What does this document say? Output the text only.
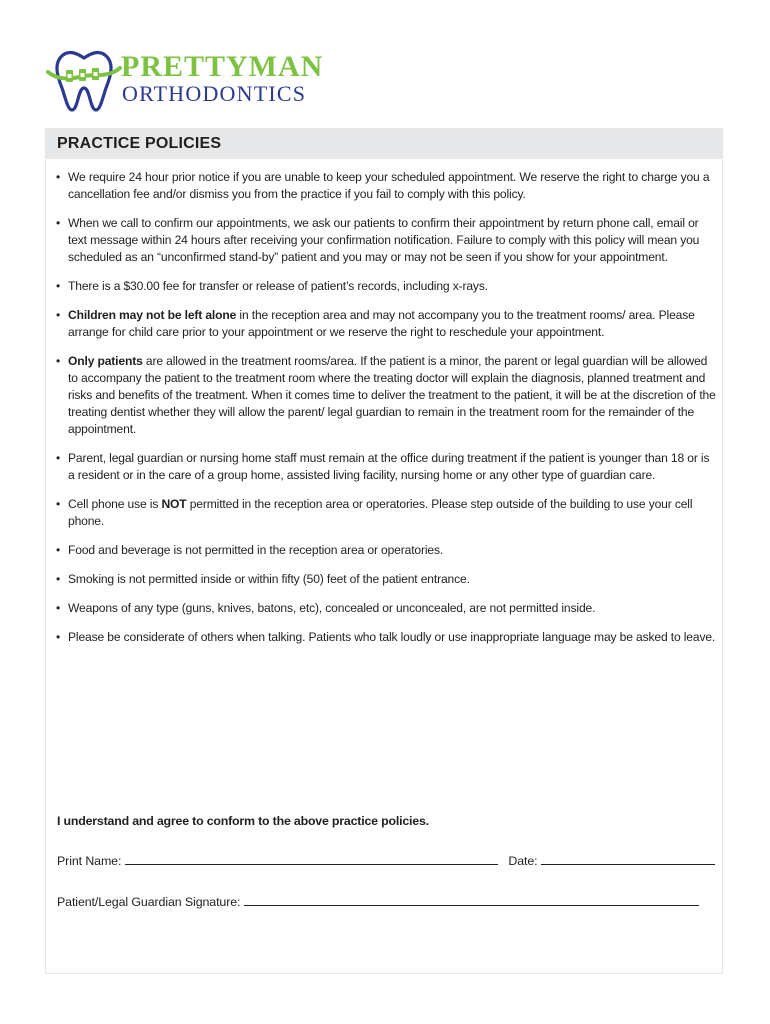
PRETTYMAN
ORTHODONTICS
PRACTICE POLICIES
• We require 24 hour prior notice if you are unable to keep your scheduled appointment. We reserve the right to charge you a cancellation fee and/or dismiss you from the practice if you fail to comply with this policy.
• When we call to confirm our appointments, we ask our patients to confirm their appointment by return phone call, email or text message within 24 hours after receiving your confirmation notification. Failure to comply with this policy will mean you scheduled as an “unconfirmed stand-by” patient and you may or may not be seen if you show for your appointment.
• There is a $30.00 fee for transfer or release of patient’s records, including x-rays.
• Children may not be left alone in the reception area and may not accompany you to the treatment rooms/ area. Please arrange for child care prior to your appointment or we reserve the right to reschedule your appointment.
• Only patients are allowed in the treatment rooms/area. If the patient is a minor, the parent or legal guardian will be allowed to accompany the patient to the treatment room where the treating doctor will explain the diagnosis, planned treatment and risks and benefits of the treatment. When it comes time to deliver the treatment to the patient, it will be at the discretion of the treating dentist whether they will allow the parent/ legal guardian to remain in the treatment room for the remainder of the appointment.
• Parent, legal guardian or nursing home staff must remain at the office during treatment if the patient is younger than 18 or is a resident or in the care of a group home, assisted living facility, nursing home or any other type of guardian care.
• Cell phone use is NOT permitted in the reception area or operatories. Please step outside of the building to use your cell phone.
• Food and beverage is not permitted in the reception area or operatories.
• Smoking is not permitted inside or within fifty (50) feet of the patient entrance.
• Weapons of any type (guns, knives, batons, etc), concealed or unconcealed, are not permitted inside.
• Please be considerate of others when talking. Patients who talk loudly or use inappropriate language may be asked to leave.
I understand and agree to conform to the above practice policies.
Print Name:	Date:
Patient/Legal Guardian Signature:
